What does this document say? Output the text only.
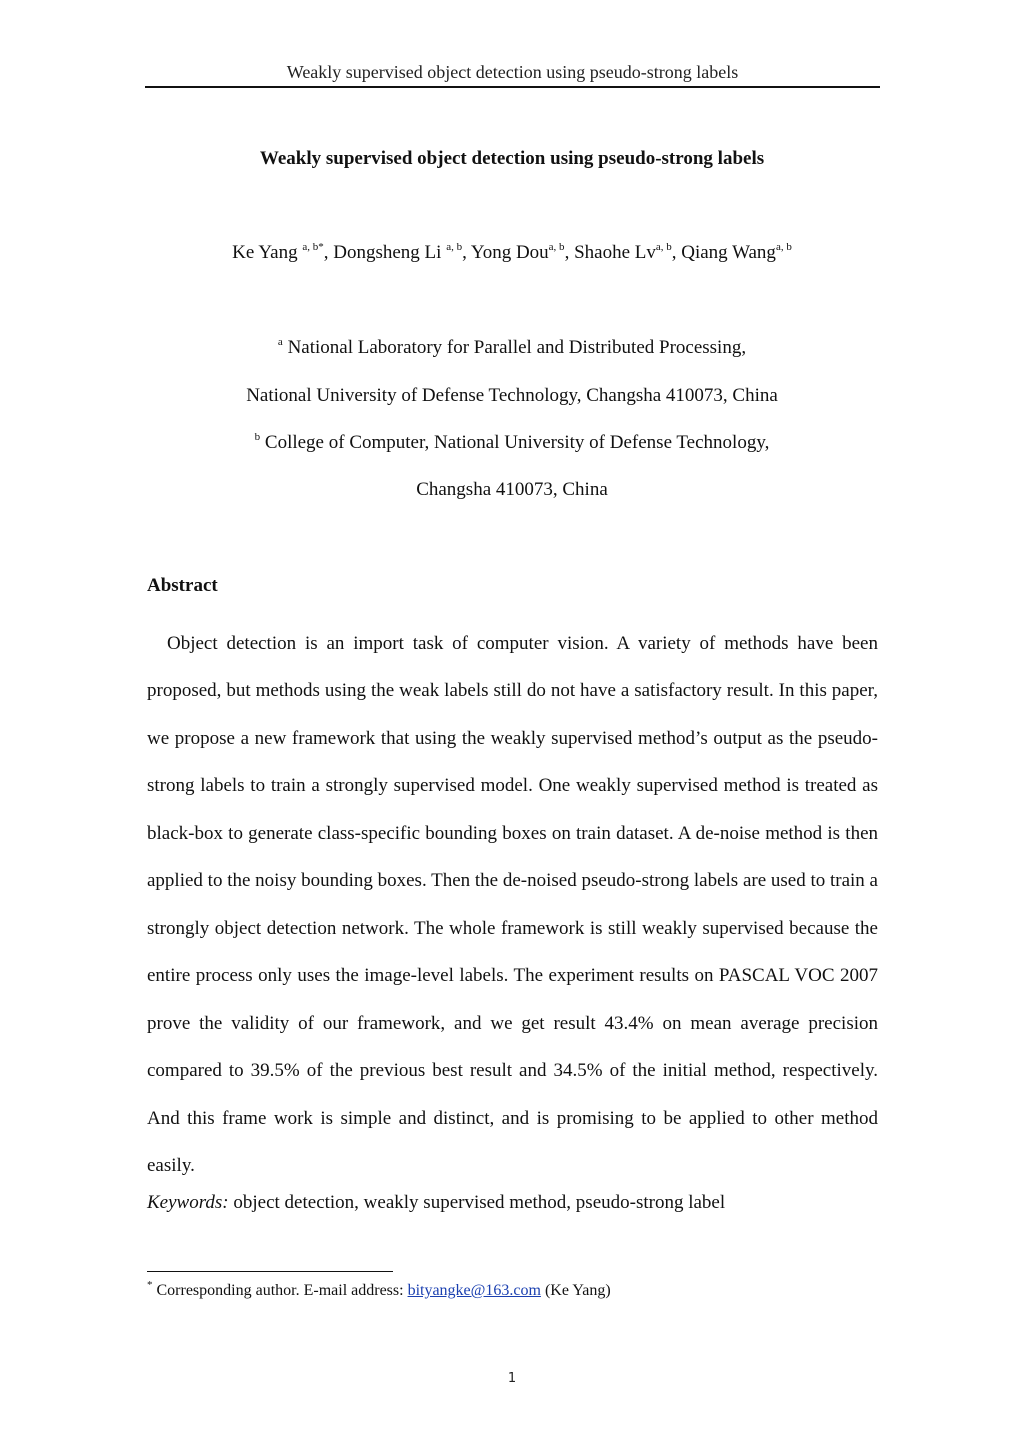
Weakly supervised object detection using pseudo-strong labels
Weakly supervised object detection using pseudo-strong labels
Ke Yang $^{a, b*}$, Dongsheng Li $^{a, b}$, Yong Dou$^{a, b}$, Shaohe Lv$^{a, b}$, Qiang Wang$^{a, b}$
$^a$ National Laboratory for Parallel and Distributed Processing,
National University of Defense Technology, Changsha 410073, China
$^b$ College of Computer, National University of Defense Technology,
Changsha 410073, China
Abstract

Object detection is an import task of computer vision. A variety of methods have been proposed, but methods using the weak labels still do not have a satisfactory result. In this paper, we propose a new framework that using the weakly supervised method’s output as the pseudo-strong labels to train a strongly supervised model. One weakly supervised method is treated as black-box to generate class-specific bounding boxes on train dataset. A de-noise method is then applied to the noisy bounding boxes. Then the de-noised pseudo-strong labels are used to train a strongly object detection network. The whole framework is still weakly supervised because the entire process only uses the image-level labels. The experiment results on PASCAL VOC 2007 prove the validity of our framework, and we get result 43.4% on mean average precision compared to 39.5% of the previous best result and 34.5% of the initial method, respectively. And this frame work is simple and distinct, and is promising to be applied to other method easily.

Keywords: object detection, weakly supervised method, pseudo-strong label
* Corresponding author. E-mail address: bityangke@163.com (Ke Yang)
1
